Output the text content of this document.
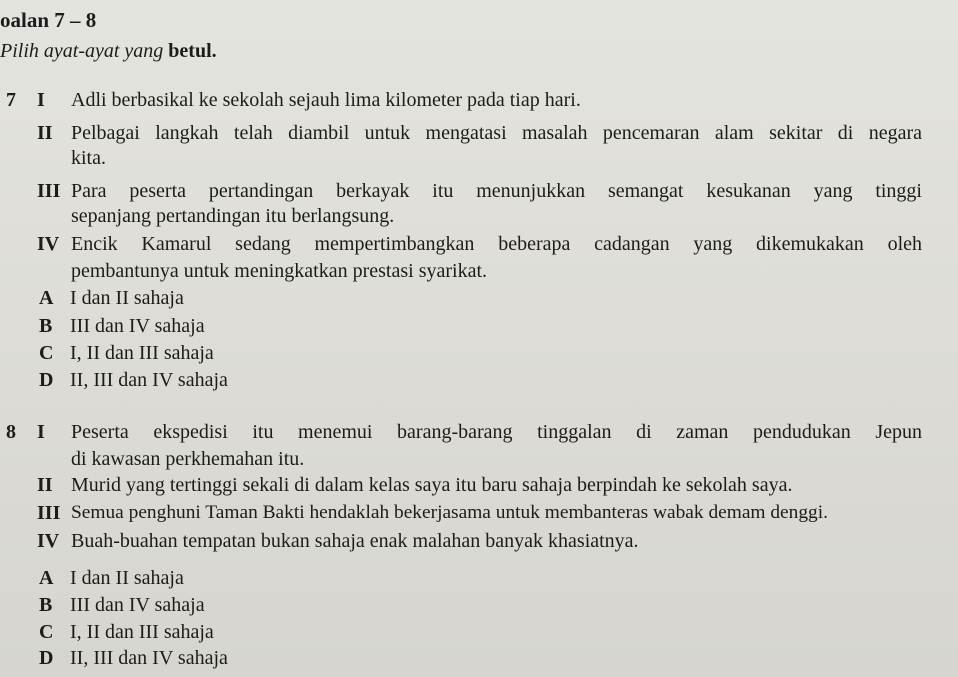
oalan 7 – 8
Pilih ayat-ayat yang betul.
7 I Adli berbasikal ke sekolah sejauh lima kilometer pada tiap hari.
II Pelbagai langkah telah diambil untuk mengatasi masalah pencemaran alam sekitar di negara
kita.
III Para peserta pertandingan berkayak itu menunjukkan semangat kesukanan yang tinggi
sepanjang pertandingan itu berlangsung.
IV Encik Kamarul sedang mempertimbangkan beberapa cadangan yang dikemukakan oleh
pembantunya untuk meningkatkan prestasi syarikat.
A I dan II sahaja
B III dan IV sahaja
C I, II dan III sahaja
D II, III dan IV sahaja
8 I Peserta ekspedisi itu menemui barang-barang tinggalan di zaman pendudukan Jepun
di kawasan perkhemahan itu.
II Murid yang tertinggi sekali di dalam kelas saya itu baru sahaja berpindah ke sekolah saya.
III Semua penghuni Taman Bakti hendaklah bekerjasama untuk membanteras wabak demam denggi.
IV Buah-buahan tempatan bukan sahaja enak malahan banyak khasiatnya.
A I dan II sahaja
B III dan IV sahaja
C I, II dan III sahaja
D II, III dan IV sahaja
